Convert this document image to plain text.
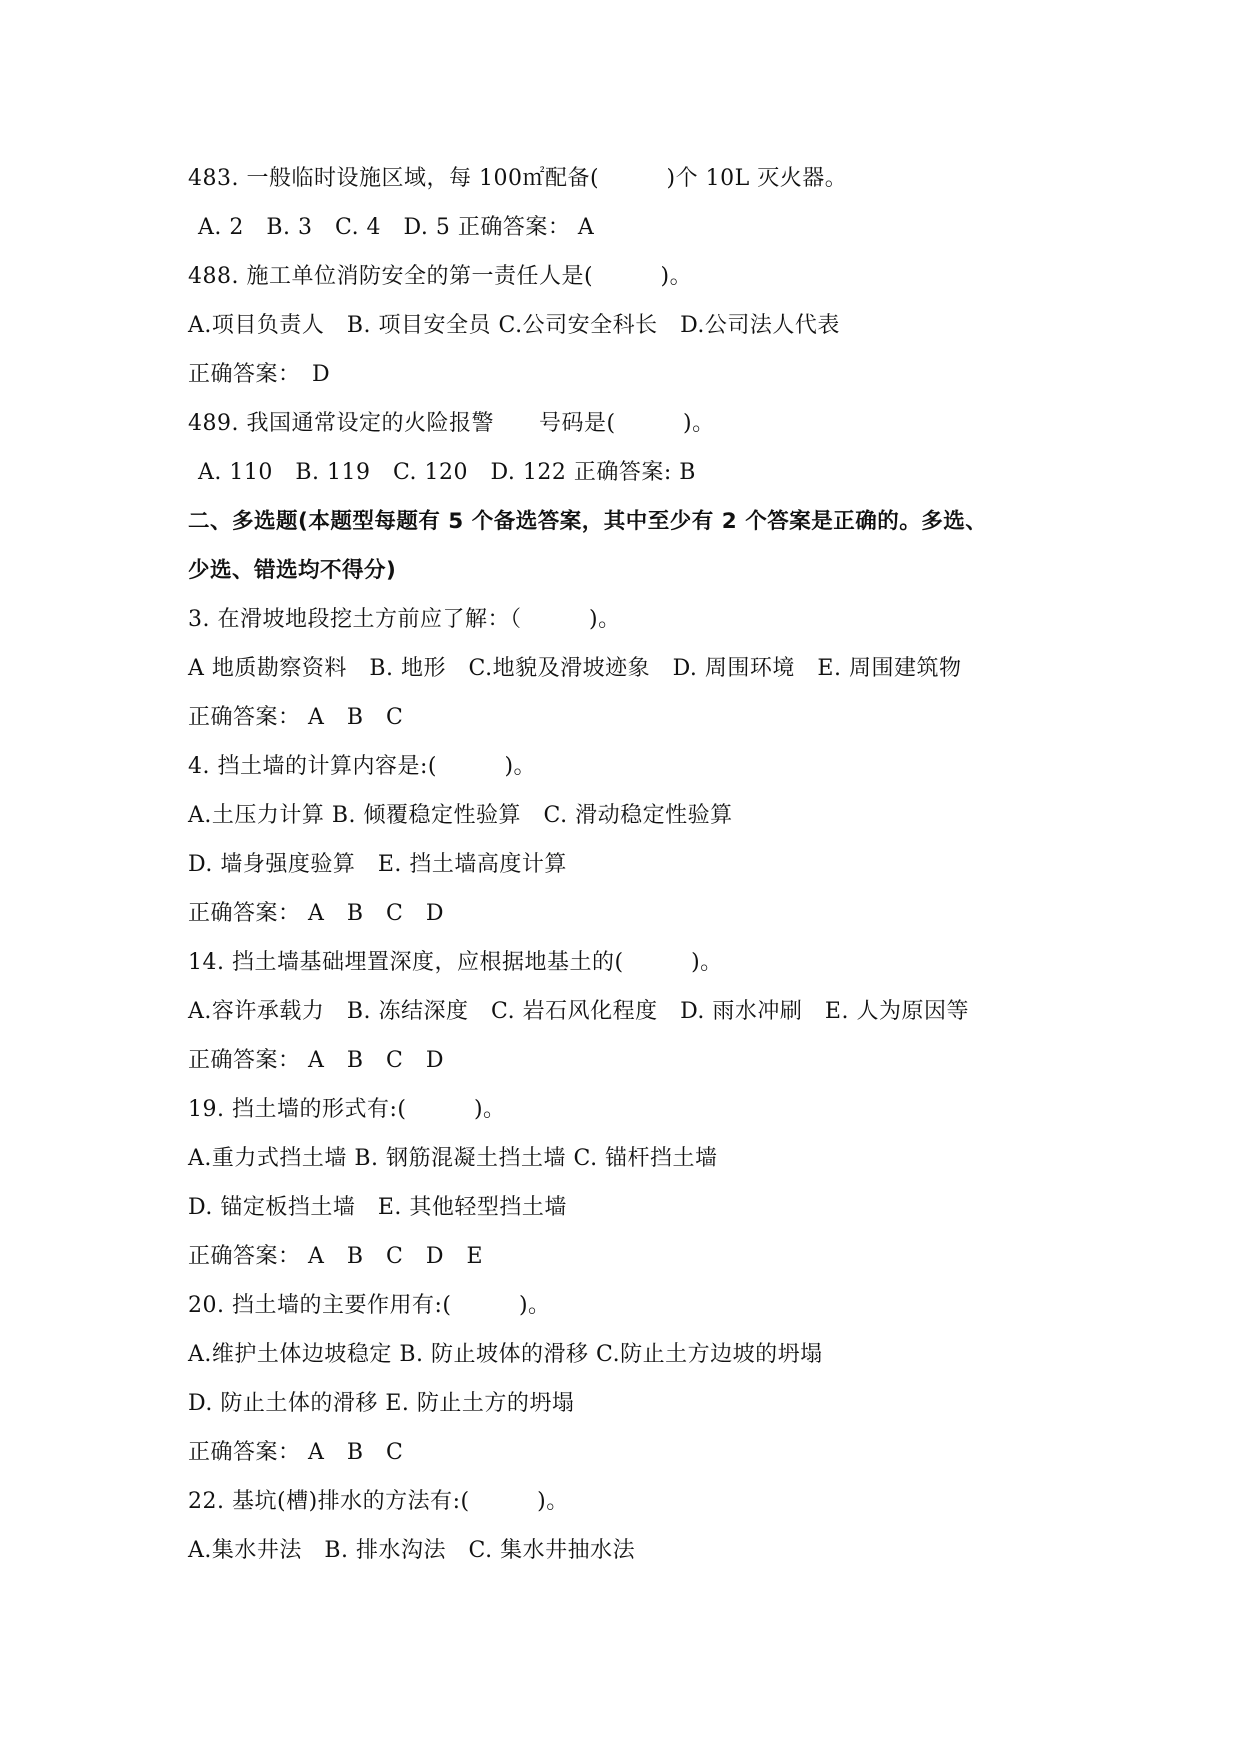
483. 一般临时设施区域，每 100㎡配备(　　　)个 10L 灭火器。
A. 2　B. 3　C. 4　D. 5 正确答案： A
488. 施工单位消防安全的第一责任人是(　　　)。
A.项目负责人　B. 项目安全员 C.公司安全科长　D.公司法人代表
正确答案：　D
489. 我国通常设定的火险报警　　号码是(　　　)。
A. 110　B. 119　C. 120　D. 122 正确答案: B
二、多选题(本题型每题有 5 个备选答案，其中至少有 2 个答案是正确的。多选、
少选、错选均不得分)
3. 在滑坡地段挖土方前应了解：（　　　)。
A 地质勘察资料　B. 地形　C.地貌及滑坡迹象　D. 周围环境　E. 周围建筑物
正确答案： A　B　C
4. 挡土墙的计算内容是:(　　　)。
A.土压力计算 B. 倾覆稳定性验算　C. 滑动稳定性验算
D. 墙身强度验算　E. 挡土墙高度计算
正确答案： A　B　C　D
14. 挡土墙基础埋置深度，应根据地基土的(　　　)。
A.容许承载力　B. 冻结深度　C. 岩石风化程度　D. 雨水冲刷　E. 人为原因等
正确答案： A　B　C　D
19. 挡土墙的形式有:(　　　)。
A.重力式挡土墙 B. 钢筋混凝土挡土墙 C. 锚杆挡土墙
D. 锚定板挡土墙　E. 其他轻型挡土墙
正确答案： A　B　C　D　E
20. 挡土墙的主要作用有:(　　　)。
A.维护土体边坡稳定 B. 防止坡体的滑移 C.防止土方边坡的坍塌
D. 防止土体的滑移 E. 防止土方的坍塌
正确答案： A　B　C
22. 基坑(槽)排水的方法有:(　　　)。
A.集水井法　B. 排水沟法　C. 集水井抽水法
